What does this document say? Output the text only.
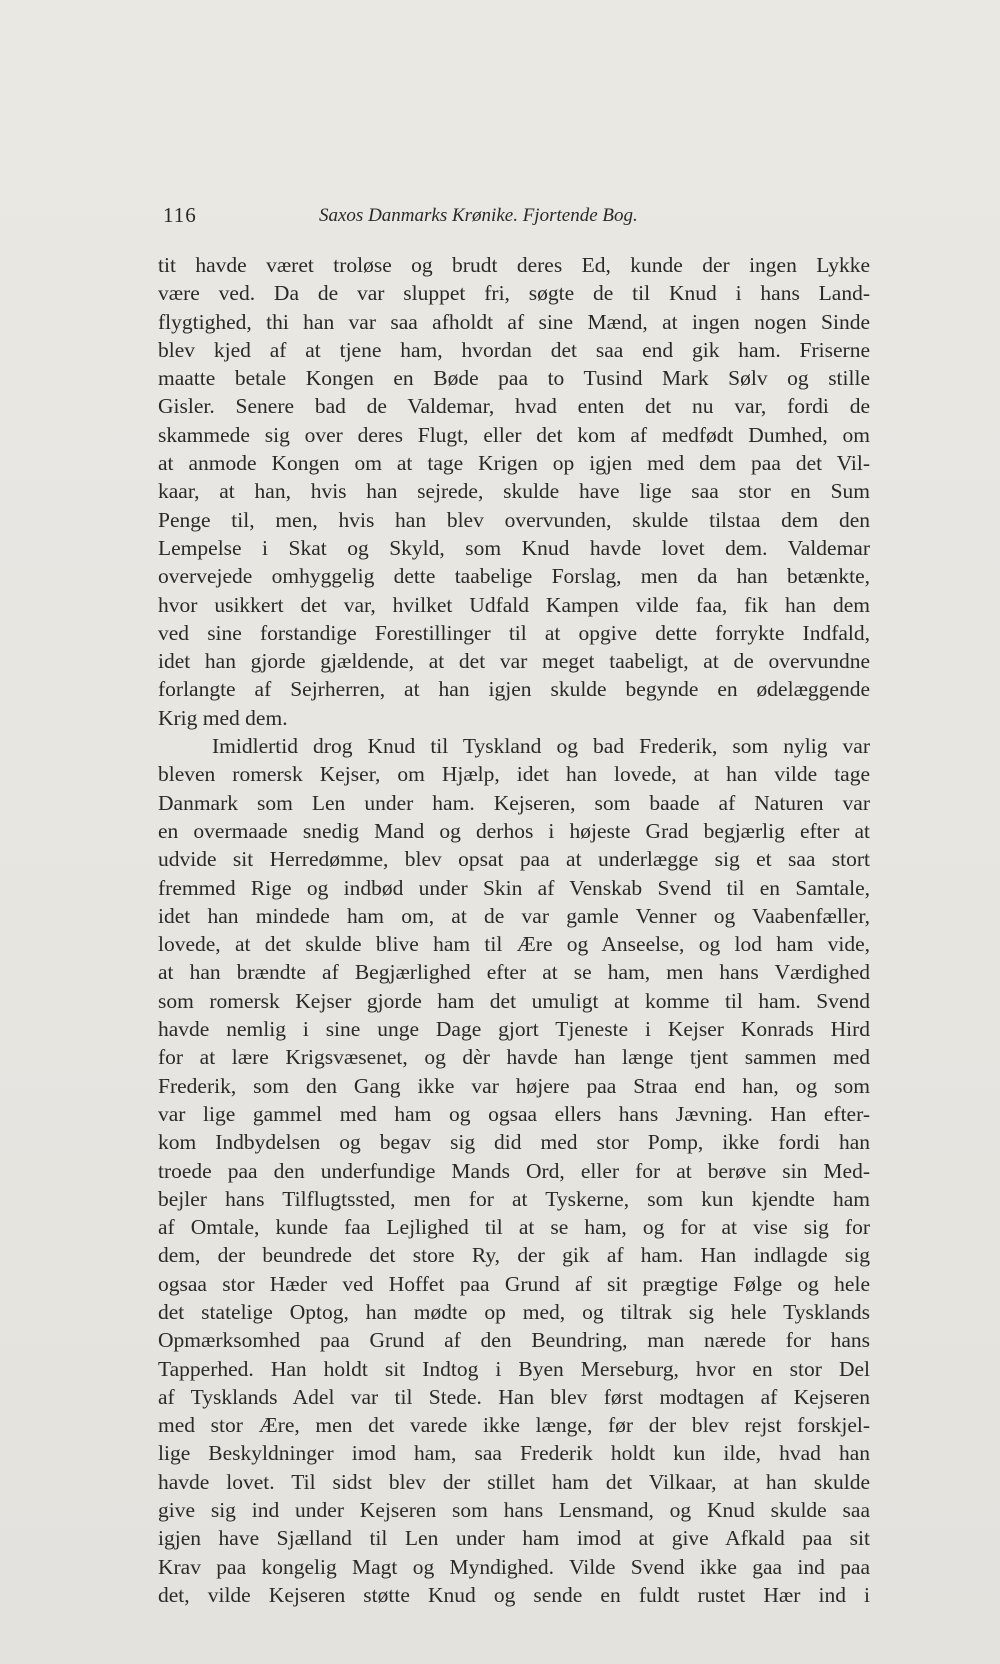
116	Saxos Danmarks Krønike. Fjortende Bog.
tit havde været troløse og brudt deres Ed, kunde der ingen Lykke
være ved. Da de var sluppet fri, søgte de til Knud i hans Land-
flygtighed, thi han var saa afholdt af sine Mænd, at ingen nogen Sinde
blev kjed af at tjene ham, hvordan det saa end gik ham. Friserne
maatte betale Kongen en Bøde paa to Tusind Mark Sølv og stille
Gisler. Senere bad de Valdemar, hvad enten det nu var, fordi de
skammede sig over deres Flugt, eller det kom af medfødt Dumhed, om
at anmode Kongen om at tage Krigen op igjen med dem paa det Vil-
kaar, at han, hvis han sejrede, skulde have lige saa stor en Sum
Penge til, men, hvis han blev overvunden, skulde tilstaa dem den
Lempelse i Skat og Skyld, som Knud havde lovet dem. Valdemar
overvejede omhyggelig dette taabelige Forslag, men da han betænkte,
hvor usikkert det var, hvilket Udfald Kampen vilde faa, fik han dem
ved sine forstandige Forestillinger til at opgive dette forrykte Indfald,
idet han gjorde gjældende, at det var meget taabeligt, at de overvundne
forlangte af Sejrherren, at han igjen skulde begynde en ødelæggende
Krig med dem.
Imidlertid drog Knud til Tyskland og bad Frederik, som nylig var
bleven romersk Kejser, om Hjælp, idet han lovede, at han vilde tage
Danmark som Len under ham. Kejseren, som baade af Naturen var
en overmaade snedig Mand og derhos i højeste Grad begjærlig efter at
udvide sit Herredømme, blev opsat paa at underlægge sig et saa stort
fremmed Rige og indbød under Skin af Venskab Svend til en Samtale,
idet han mindede ham om, at de var gamle Venner og Vaabenfæller,
lovede, at det skulde blive ham til Ære og Anseelse, og lod ham vide,
at han brændte af Begjærlighed efter at se ham, men hans Værdighed
som romersk Kejser gjorde ham det umuligt at komme til ham. Svend
havde nemlig i sine unge Dage gjort Tjeneste i Kejser Konrads Hird
for at lære Krigsvæsenet, og dèr havde han længe tjent sammen med
Frederik, som den Gang ikke var højere paa Straa end han, og som
var lige gammel med ham og ogsaa ellers hans Jævning. Han efter-
kom Indbydelsen og begav sig did med stor Pomp, ikke fordi han
troede paa den underfundige Mands Ord, eller for at berøve sin Med-
bejler hans Tilflugtssted, men for at Tyskerne, som kun kjendte ham
af Omtale, kunde faa Lejlighed til at se ham, og for at vise sig for
dem, der beundrede det store Ry, der gik af ham. Han indlagde sig
ogsaa stor Hæder ved Hoffet paa Grund af sit prægtige Følge og hele
det statelige Optog, han mødte op med, og tiltrak sig hele Tysklands
Opmærksomhed paa Grund af den Beundring, man nærede for hans
Tapperhed. Han holdt sit Indtog i Byen Merseburg, hvor en stor Del
af Tysklands Adel var til Stede. Han blev først modtagen af Kejseren
med stor Ære, men det varede ikke længe, før der blev rejst forskjel-
lige Beskyldninger imod ham, saa Frederik holdt kun ilde, hvad han
havde lovet. Til sidst blev der stillet ham det Vilkaar, at han skulde
give sig ind under Kejseren som hans Lensmand, og Knud skulde saa
igjen have Sjælland til Len under ham imod at give Afkald paa sit
Krav paa kongelig Magt og Myndighed. Vilde Svend ikke gaa ind paa
det, vilde Kejseren støtte Knud og sende en fuldt rustet Hær ind i
